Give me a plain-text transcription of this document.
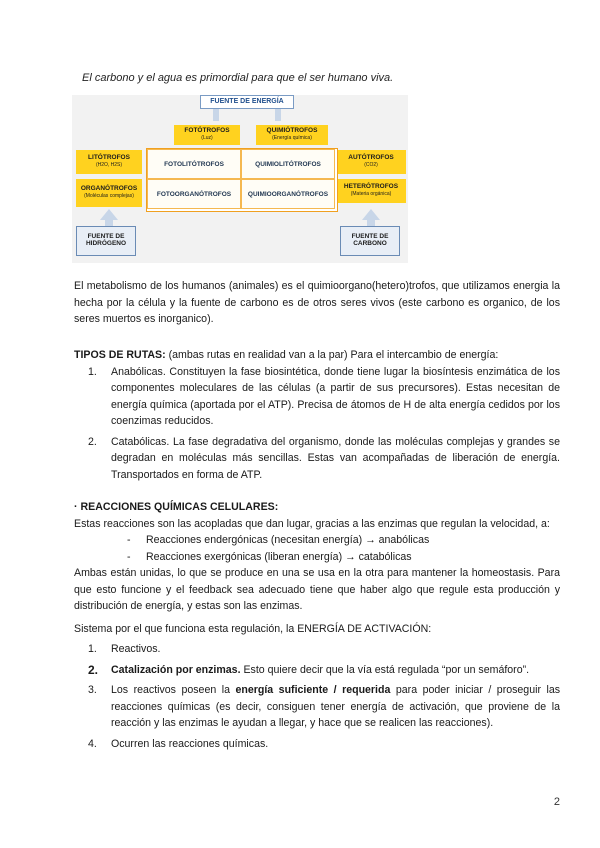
El carbono y el agua es primordial para que el ser humano viva.
FUENTE DE ENERGÍA
FOTÓTROFOS
(Luz)
QUIMIÓTROFOS
(Energía química)
LITÓTROFOS
(H2O, H2S)
ORGANÓTROFOS
(Moléculas complejas)
AUTÓTROFOS
(CO2)
HETERÓTROFOS
(Materia orgánica)
FOTOLITÓTROFOS	QUIMIOLITÓTROFOS
FOTOORGANÓTROFOS	QUIMIOORGANÓTROFOS
FUENTE DE HIDRÓGENO
FUENTE DE CARBONO
El metabolismo de los humanos (animales) es el quimioorgano(hetero)trofos, que utilizamos energia la hecha por la célula y la fuente de carbono es de otros seres vivos (este carbono es organico, de los seres muertos es inorganico).
TIPOS DE RUTAS: (ambas rutas en realidad van a la par) Para el intercambio de energía:
1. Anabólicas. Constituyen la fase biosintética, donde tiene lugar la biosíntesis enzimática de los componentes moleculares de las células (a partir de sus precursores). Estas necesitan de energía química (aportada por el ATP). Precisa de átomos de H de alta energía cedidos por los coenzimas reducidos.
2. Catabólicas. La fase degradativa del organismo, donde las moléculas complejas y grandes se degradan en moléculas más sencillas. Estas van acompañadas de liberación de energía. Transportados en forma de ATP.
· REACCIONES QUÍMICAS CELULARES:
Estas reacciones son las acopladas que dan lugar, gracias a las enzimas que regulan la velocidad, a:
- Reacciones endergónicas (necesitan energía) → anabólicas
- Reacciones exergónicas (liberan energía) → catabólicas
Ambas están unidas, lo que se produce en una se usa en la otra para mantener la homeostasis. Para que esto funcione y el feedback sea adecuado tiene que haber algo que regule esta producción y distribución de energía, y estas son las enzimas.
Sistema por el que funciona esta regulación, la ENERGÍA DE ACTIVACIÓN:
1. Reactivos.
2. Catalización por enzimas. Esto quiere decir que la vía está regulada “por un semáforo”.
3. Los reactivos poseen la energía suficiente / requerida para poder iniciar / proseguir las reacciones químicas (es decir, consiguen tener energía de activación, que proviene de la reacción y las enzimas le ayudan a llegar, y hace que se realicen las reacciones).
4. Ocurren las reacciones químicas.
2
